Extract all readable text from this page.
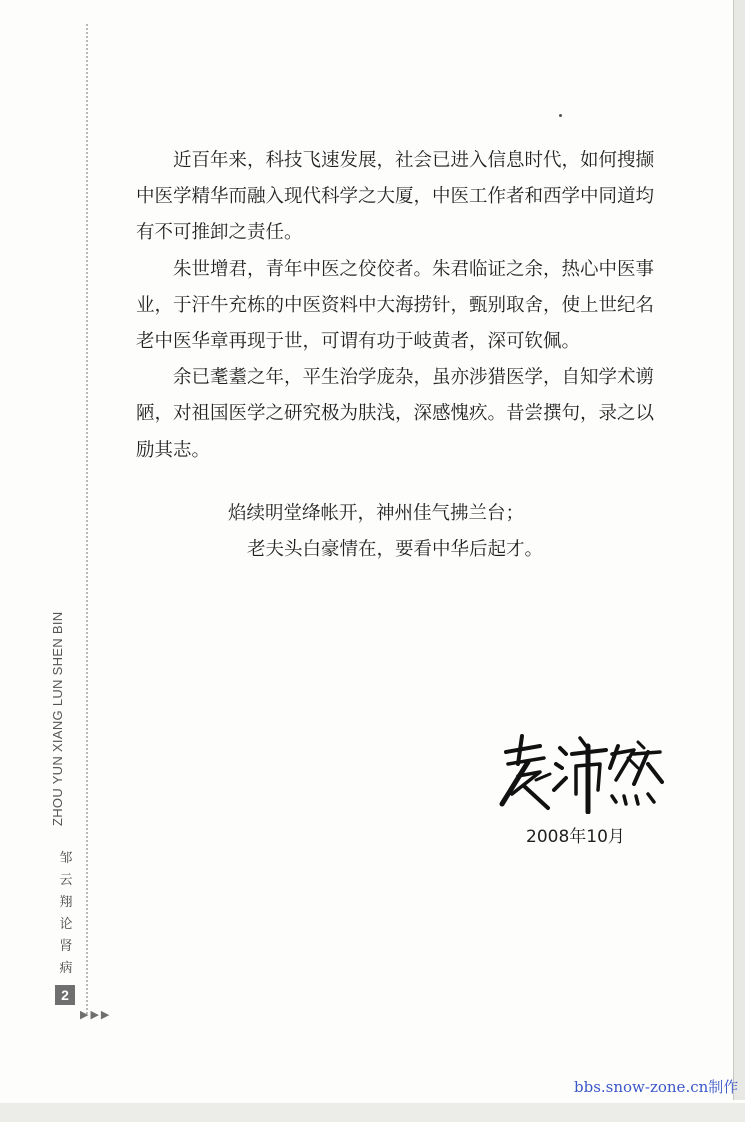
ZHOU YUN XIANG LUN SHEN BIN
邹
云
翔
论
肾
病
2
▶▶▶

近百年来，科技飞速发展，社会已进入信息时代，如何搜撷中医学精华而融入现代科学之大厦，中医工作者和西学中同道均有不可推卸之责任。

朱世增君，青年中医之佼佼者。朱君临证之余，热心中医事业，于汗牛充栋的中医资料中大海捞针，甄别取舍，使上世纪名老中医华章再现于世，可谓有功于岐黄者，深可钦佩。

余已耄耋之年，平生治学庞杂，虽亦涉猎医学，自知学术谫陋，对祖国医学之研究极为肤浅，深感愧疚。昔尝撰句，录之以励其志。

焰续明堂绛帐开，神州佳气拂兰台；
老夫头白豪情在，要看中华后起才。
2008年10月
bbs.snow-zone.cn制作
